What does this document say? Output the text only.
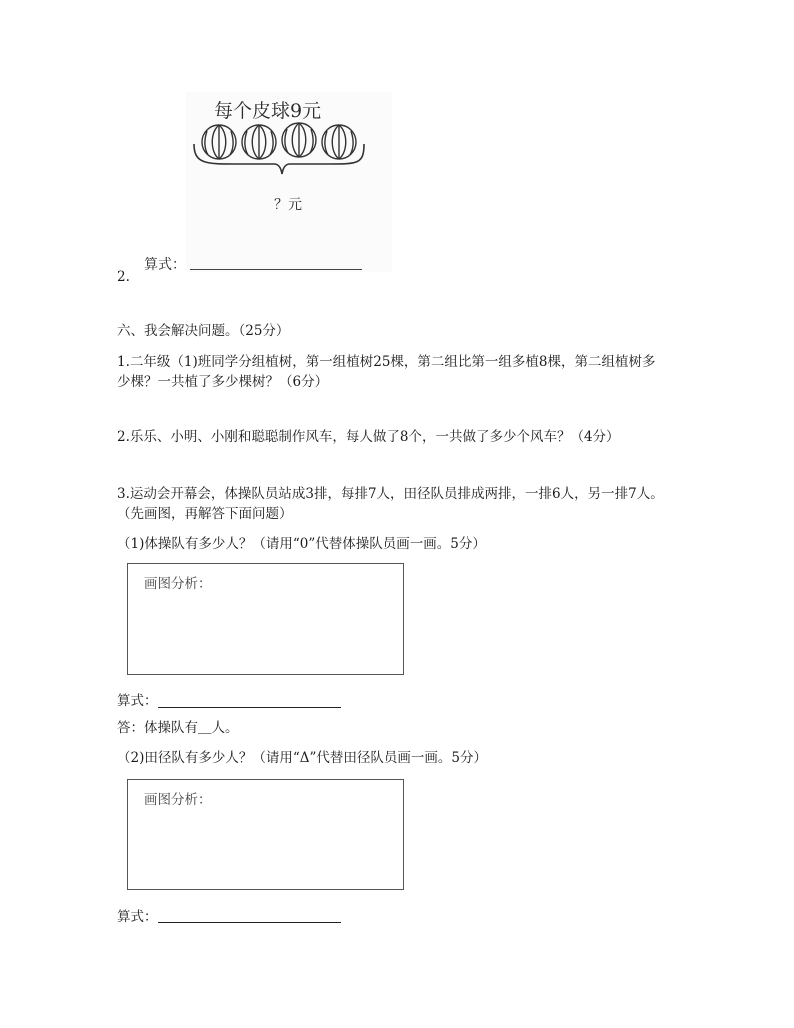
每个皮球9元
？元
算式：
2.
六、我会解决问题。（25分）
1.二年级（1)班同学分组植树，第一组植树25棵，第二组比第一组多植8棵，第二组植树多
少棵？一共植了多少棵树？（6分）
2.乐乐、小明、小刚和聪聪制作风车，每人做了8个，一共做了多少个风车？（4分）
3.运动会开幕会，体操队员站成3排，每排7人，田径队员排成两排，一排6人，另一排7人。
（先画图，再解答下面问题）
（1)体操队有多少人？（请用“0”代替体操队员画一画。5分）
画图分析：
算式：
答：体操队有＿人。
（2)田径队有多少人？（请用“Δ”代替田径队员画一画。5分）
画图分析：
算式：
